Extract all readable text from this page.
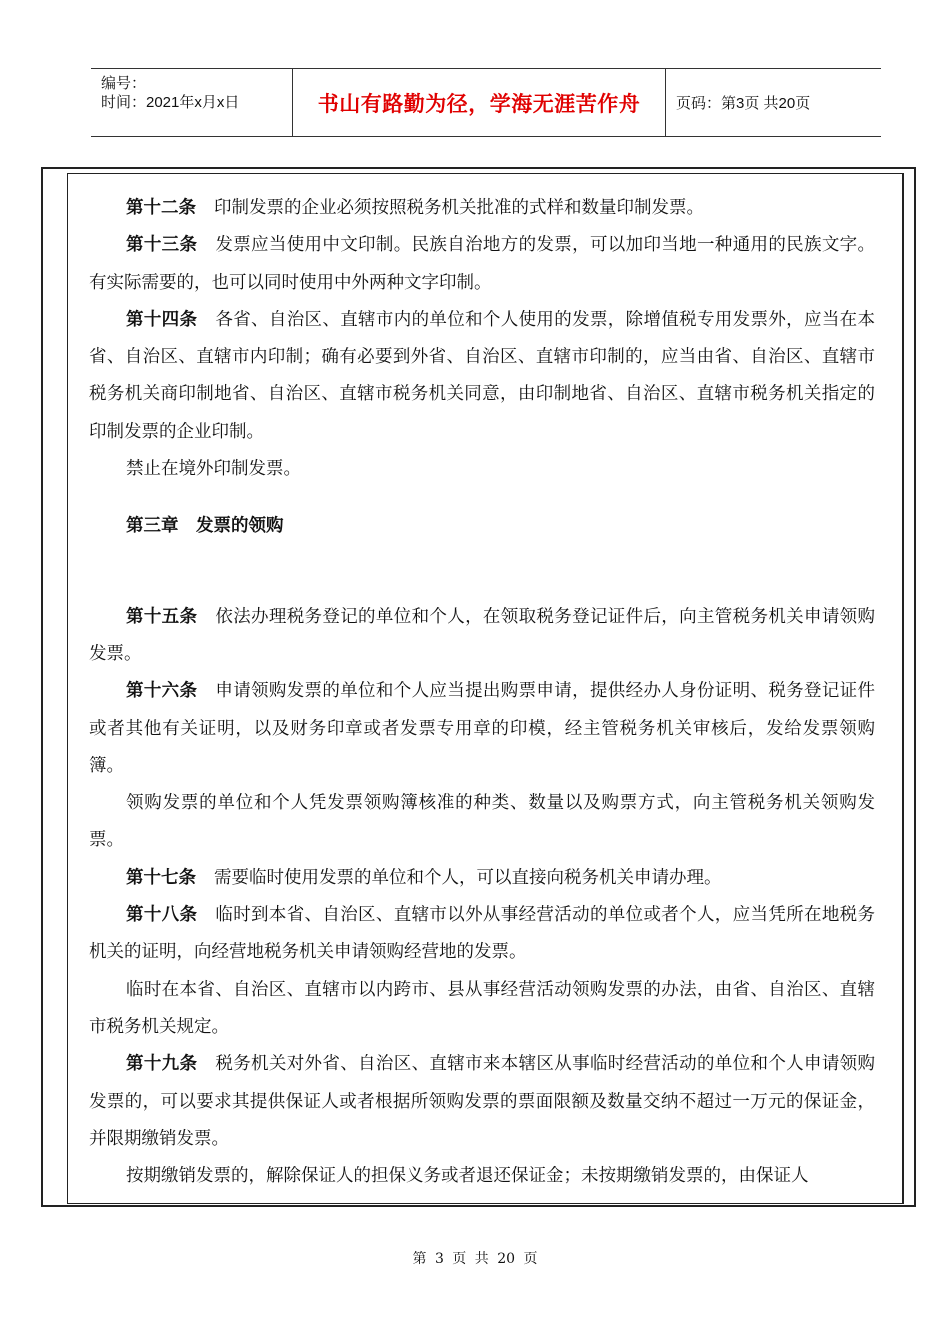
编号：
时间：2021年x月x日	书山有路勤为径，学海无涯苦作舟 页码：第3页 共20页

第十二条 印制发票的企业必须按照税务机关批准的式样和数量印制发票。

第十三条 发票应当使用中文印制。民族自治地方的发票，可以加印当地一种通用的民族文字。有实际需要的，也可以同时使用中外两种文字印制。

第十四条 各省、自治区、直辖市内的单位和个人使用的发票，除增值税专用发票外，应当在本省、自治区、直辖市内印制；确有必要到外省、自治区、直辖市印制的，应当由省、自治区、直辖市税务机关商印制地省、自治区、直辖市税务机关同意，由印制地省、自治区、直辖市税务机关指定的印制发票的企业印制。

禁止在境外印制发票。

第三章　发票的领购

第十五条 依法办理税务登记的单位和个人，在领取税务登记证件后，向主管税务机关申请领购发票。

第十六条 申请领购发票的单位和个人应当提出购票申请，提供经办人身份证明、税务登记证件或者其他有关证明，以及财务印章或者发票专用章的印模，经主管税务机关审核后，发给发票领购簿。

领购发票的单位和个人凭发票领购簿核准的种类、数量以及购票方式，向主管税务机关领购发票。

第十七条 需要临时使用发票的单位和个人，可以直接向税务机关申请办理。

第十八条 临时到本省、自治区、直辖市以外从事经营活动的单位或者个人，应当凭所在地税务机关的证明，向经营地税务机关申请领购经营地的发票。

临时在本省、自治区、直辖市以内跨市、县从事经营活动领购发票的办法，由省、自治区、直辖市税务机关规定。

第十九条 税务机关对外省、自治区、直辖市来本辖区从事临时经营活动的单位和个人申请领购发票的，可以要求其提供保证人或者根据所领购发票的票面限额及数量交纳不超过一万元的保证金，并限期缴销发票。

按期缴销发票的，解除保证人的担保义务或者退还保证金；未按期缴销发票的，由保证人

第 3 页 共 20 页
